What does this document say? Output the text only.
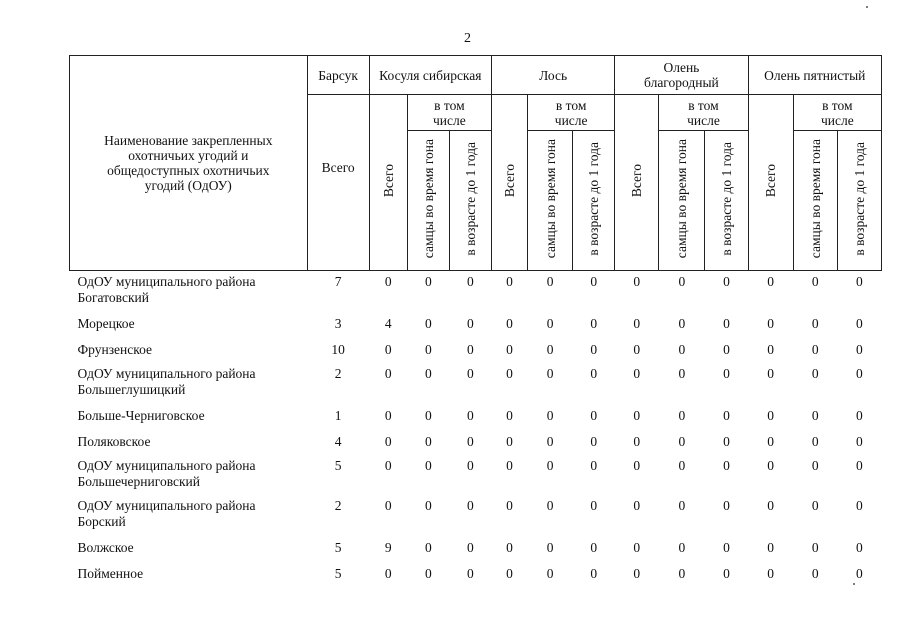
2
Наименование закрепленных охотничьих угодий и общедоступных охотничьих угодий (ОдОУ)	Барсук	Косуля сибирская			Лось			Олень благородный			Олень пятнистый		
	Всего	Всего	в том числе		Всего	в том числе		Всего	в том числе		Всего	в том числе	
			самцы во время гона	в возрасте до 1 года		самцы во время гона	в возрасте до 1 года		самцы во время гона	в возрасте до 1 года		самцы во время гона	в возрасте до 1 года
ОдОУ муниципального района Богатовский	7	0	0	0	0	0	0	0	0	0	0	0	0
Морецкое	3	4	0	0	0	0	0	0	0	0	0	0	0
Фрунзенское	10	0	0	0	0	0	0	0	0	0	0	0	0
ОдОУ муниципального района Большеглушицкий	2	0	0	0	0	0	0	0	0	0	0	0	0
Больше-Черниговское	1	0	0	0	0	0	0	0	0	0	0	0	0
Поляковское	4	0	0	0	0	0	0	0	0	0	0	0	0
ОдОУ муниципального района Большечерниговский	5	0	0	0	0	0	0	0	0	0	0	0	0
ОдОУ муниципального района Борский	2	0	0	0	0	0	0	0	0	0	0	0	0
Волжское	5	9	0	0	0	0	0	0	0	0	0	0	0
Пойменное	5	0	0	0	0	0	0	0	0	0	0	0	0
